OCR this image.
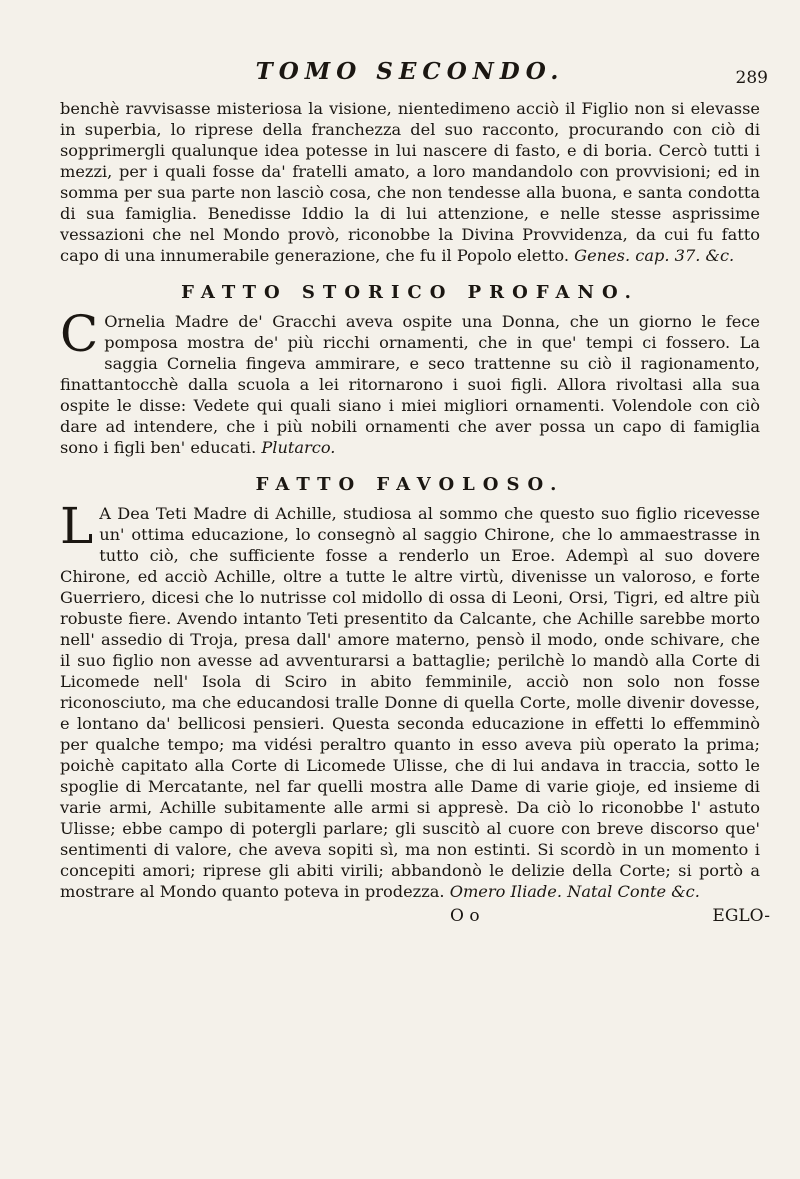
TOMO SECONDO.	289

benchè ravvisasse misteriosa la visione, nientedimeno acciò il Figlio non si elevasse in superbia, lo riprese della franchezza del suo racconto, procurando con ciò di sopprimergli qualunque idea potesse in lui nascere di fasto, e di boria. Cercò tutti i mezzi, per i quali fosse da' fratelli amato, a loro mandandolo con provvisioni; ed in somma per sua parte non lasciò cosa, che non tendesse alla buona, e santa condotta di sua famiglia. Benedisse Iddio la di lui attenzione, e nelle stesse asprissime vessazioni che nel Mondo provò, riconobbe la Divina Provvidenza, da cui fu fatto capo di una innumerabile generazione, che fu il Popolo eletto. Genes. cap. 37. &c.

FATTO STORICO PROFANO.

C Ornelia Madre de' Gracchi aveva ospite una Donna, che un giorno le fece pompos​a mostra de' più ricchi ornamenti, che in que' tempi ci fossero. La saggia Cornelia fingeva ammirare, e seco trattenne su ciò il ragionamento, finattantocchè dalla scuola a lei ritornarono i suoi figli. Allora rivoltasi alla sua ospite le disse: Vedete qui quali siano i miei migliori ornamenti. Volendole con ciò dare ad intendere, che i più nobili ornamenti che aver possa un capo di famiglia sono i figli ben' educati. Plutarco.

FATTO FAVOLOSO.

L A Dea Teti Madre di Achille, studiosa al sommo che questo suo figlio ricevesse un' ottima educazione, lo consegnò al saggio Chirone, che lo ammaestrasse in tutto ciò, che sufficiente fosse a renderlo un Eroe. Adempì al suo dovere Chirone, ed acciò Achille, oltre a tutte le altre virtù, divenisse un valoroso, e forte Guerriero, dicesi che lo nutrisse col midollo di ossa di Leoni, Orsi, Tigri, ed altre più robuste fiere. Avendo intanto Teti presentito da Calcante, che Achille sarebbe morto nell' assedio di Troja, presa dall' amore materno, pensò il modo, onde schivare, che il suo figlio non avesse ad avventurarsi a battaglie; perilchè lo mandò alla Corte di Licomede nell' Isola di Sciro in abito femminile, acciò non solo non fosse riconosciuto, ma che educandosi tralle Donne di quella Corte, molle divenir dovesse, e lontano da' bellicosi pensieri. Questa seconda educazione in effetti lo effemminò per qualche tempo; ma vidési peraltro quanto in esso aveva più operato la prima; poichè capitato alla Corte di Licomede Ulisse, che di lui andava in traccia, sotto le spoglie di Mercatante, nel far quelli mostra alle Dame di varie gioje, ed insieme di varie armi, Achille subitamente alle armi si appresè. Da ciò lo riconobbe l' astuto Ulisse; ebbe campo di potergli parlare; gli suscitò al cuore con breve discorso que' sentimenti di valore, che aveva sopiti sì, ma non estinti. Si scordò in un momento i concepiti amori; riprese gli abiti virili; abbandonò le delizie della Corte; si portò a mostrare al Mondo quanto poteva in prodezza. Omero Iliade. Natal Conte &c.

O o	EGLO-
